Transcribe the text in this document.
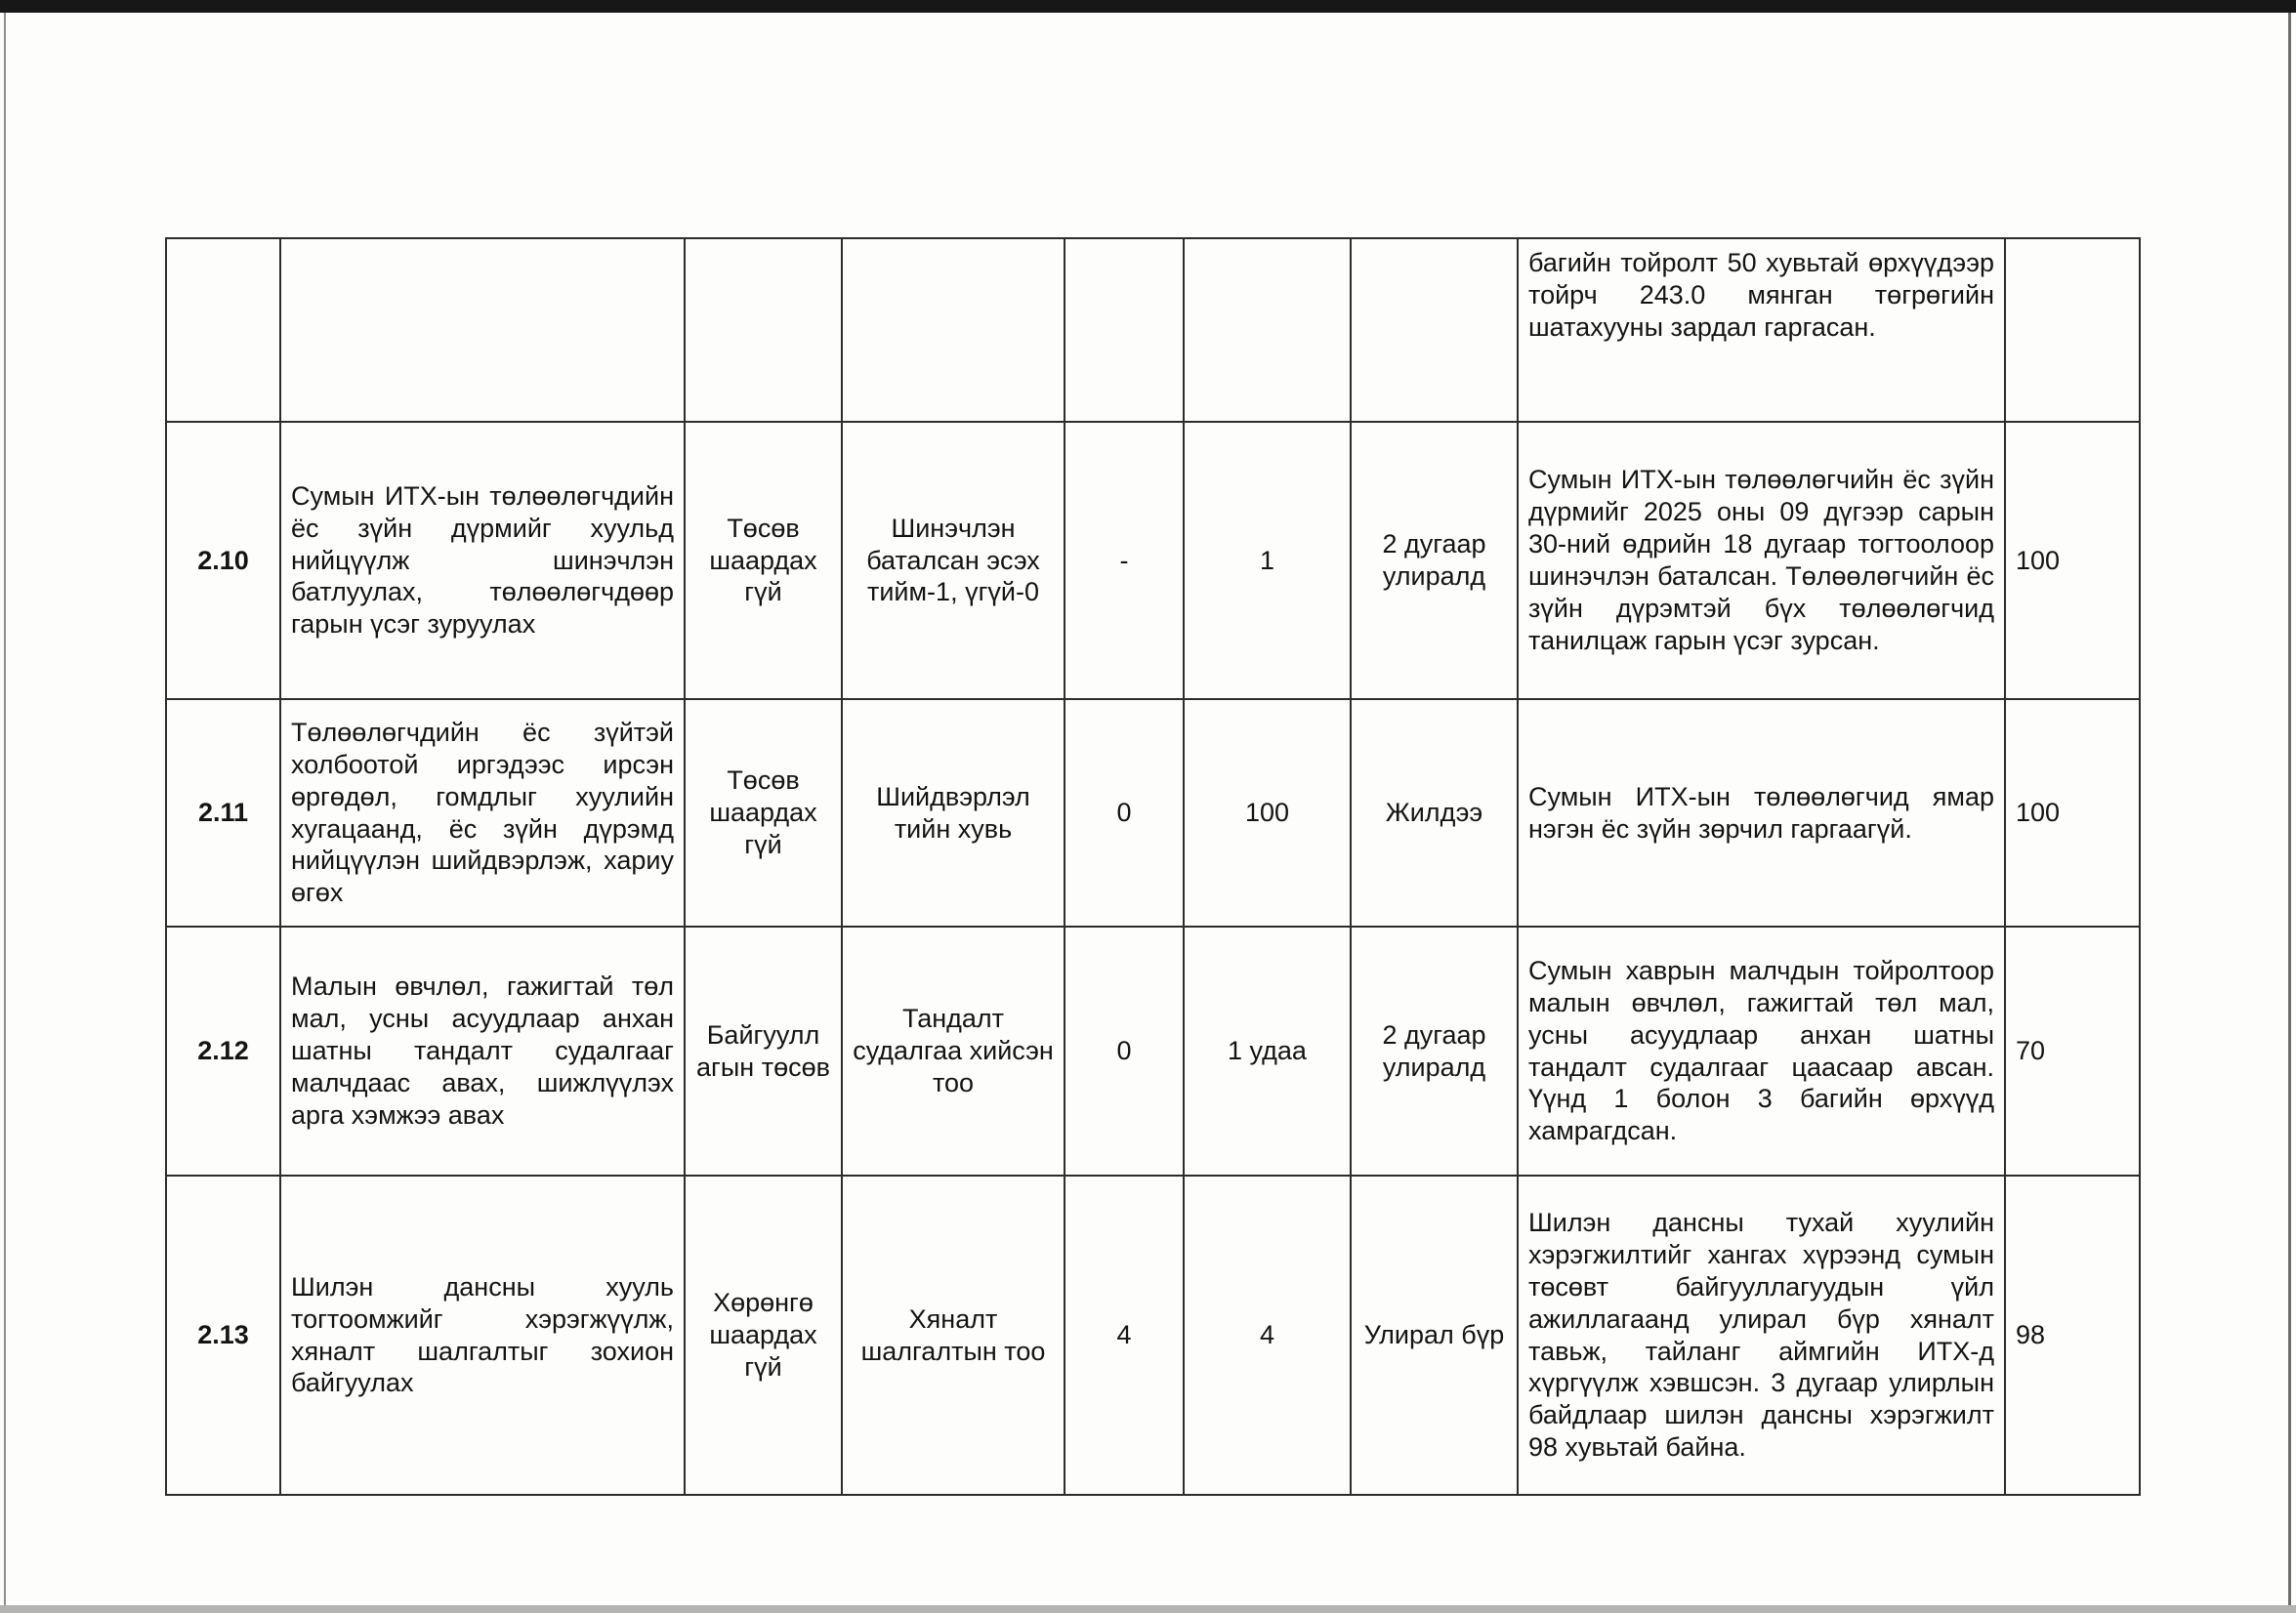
							багийн тойролт 50 хувьтай өрхүүдээр тойрч 243.0 мянган төгрөгийн шатахууны зардал гаргасан.	
2.10	Сумын ИТХ-ын төлөөлөгчдийн ёс зүйн дүрмийг хуульд нийцүүлж шинэчлэн батлуулах, төлөөлөгчдөөр гарын үсэг зуруулах	Төсөв шаардах гүй	Шинэчлэн баталсан эсэх тийм-1, үгүй-0	-	1	2 дугаар улиралд	Сумын ИТХ-ын төлөөлөгчийн ёс зүйн дүрмийг 2025 оны 09 дүгээр сарын 30-ний өдрийн 18 дугаар тогтоолоор шинэчлэн баталсан. Төлөөлөгчийн ёс зүйн дүрэмтэй бүх төлөөлөгчид танилцаж гарын үсэг зурсан.	100
2.11	Төлөөлөгчдийн ёс зүйтэй холбоотой иргэдээс ирсэн өргөдөл, гомдлыг хуулийн хугацаанд, ёс зүйн дүрэмд нийцүүлэн шийдвэрлэж, хариу өгөх	Төсөв шаардах гүй	Шийдвэрлэл тийн хувь	0	100	Жилдээ	Сумын ИТХ-ын төлөөлөгчид ямар нэгэн ёс зүйн зөрчил гаргаагүй.	100
2.12	Малын өвчлөл, гажигтай төл мал, усны асуудлаар анхан шатны тандалт судалгааг малчдаас авах, шижлүүлэх арга хэмжээ авах	Байгуулл агын төсөв	Тандалт судалгаа хийсэн тоо	0	1 удаа	2 дугаар улиралд	Сумын хаврын малчдын тойролтоор малын өвчлөл, гажигтай төл мал, усны асуудлаар анхан шатны тандалт судалгааг цаасаар авсан. Үүнд 1 болон 3 багийн өрхүүд хамрагдсан.	70
2.13	Шилэн дансны хууль тогтоомжийг хэрэгжүүлж, хяналт шалгалтыг зохион байгуулах	Хөрөнгө шаардах гүй	Хяналт шалгалтын тоо	4	4	Улирал бүр	Шилэн дансны тухай хуулийн хэрэгжилтийг хангах хүрээнд сумын төсөвт байгууллагуудын үйл ажиллагаанд улирал бүр хяналт тавьж, тайланг аймгийн ИТХ-д хүргүүлж хэвшсэн. 3 дугаар улирлын байдлаар шилэн дансны хэрэгжилт 98 хувьтай байна.	98
